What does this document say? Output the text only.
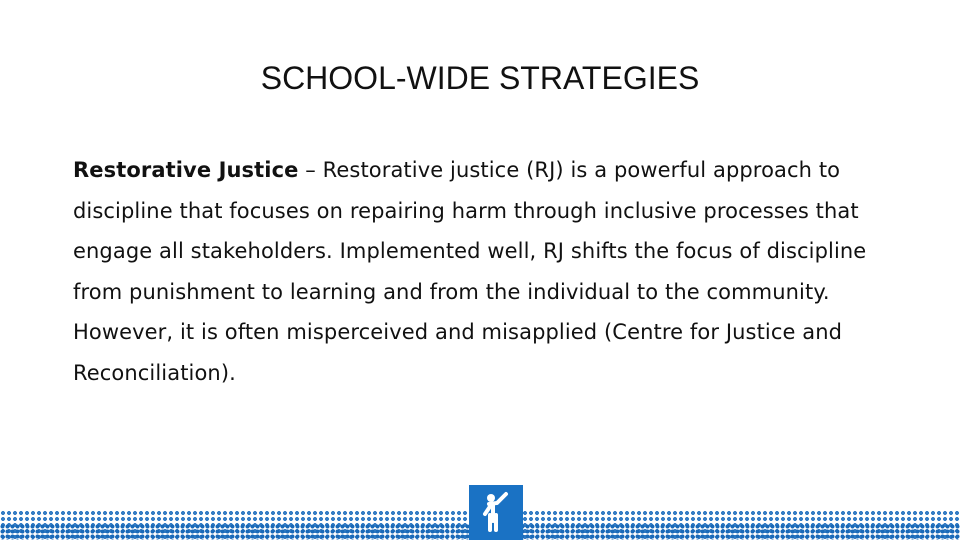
SCHOOL-WIDE STRATEGIES
Restorative Justice – Restorative justice (RJ) is a powerful approach to discipline that focuses on repairing harm through inclusive processes that engage all stakeholders. Implemented well, RJ shifts the focus of discipline from punishment to learning and from the individual to the community. However, it is often misperceived and misapplied (Centre for Justice and Reconciliation).
